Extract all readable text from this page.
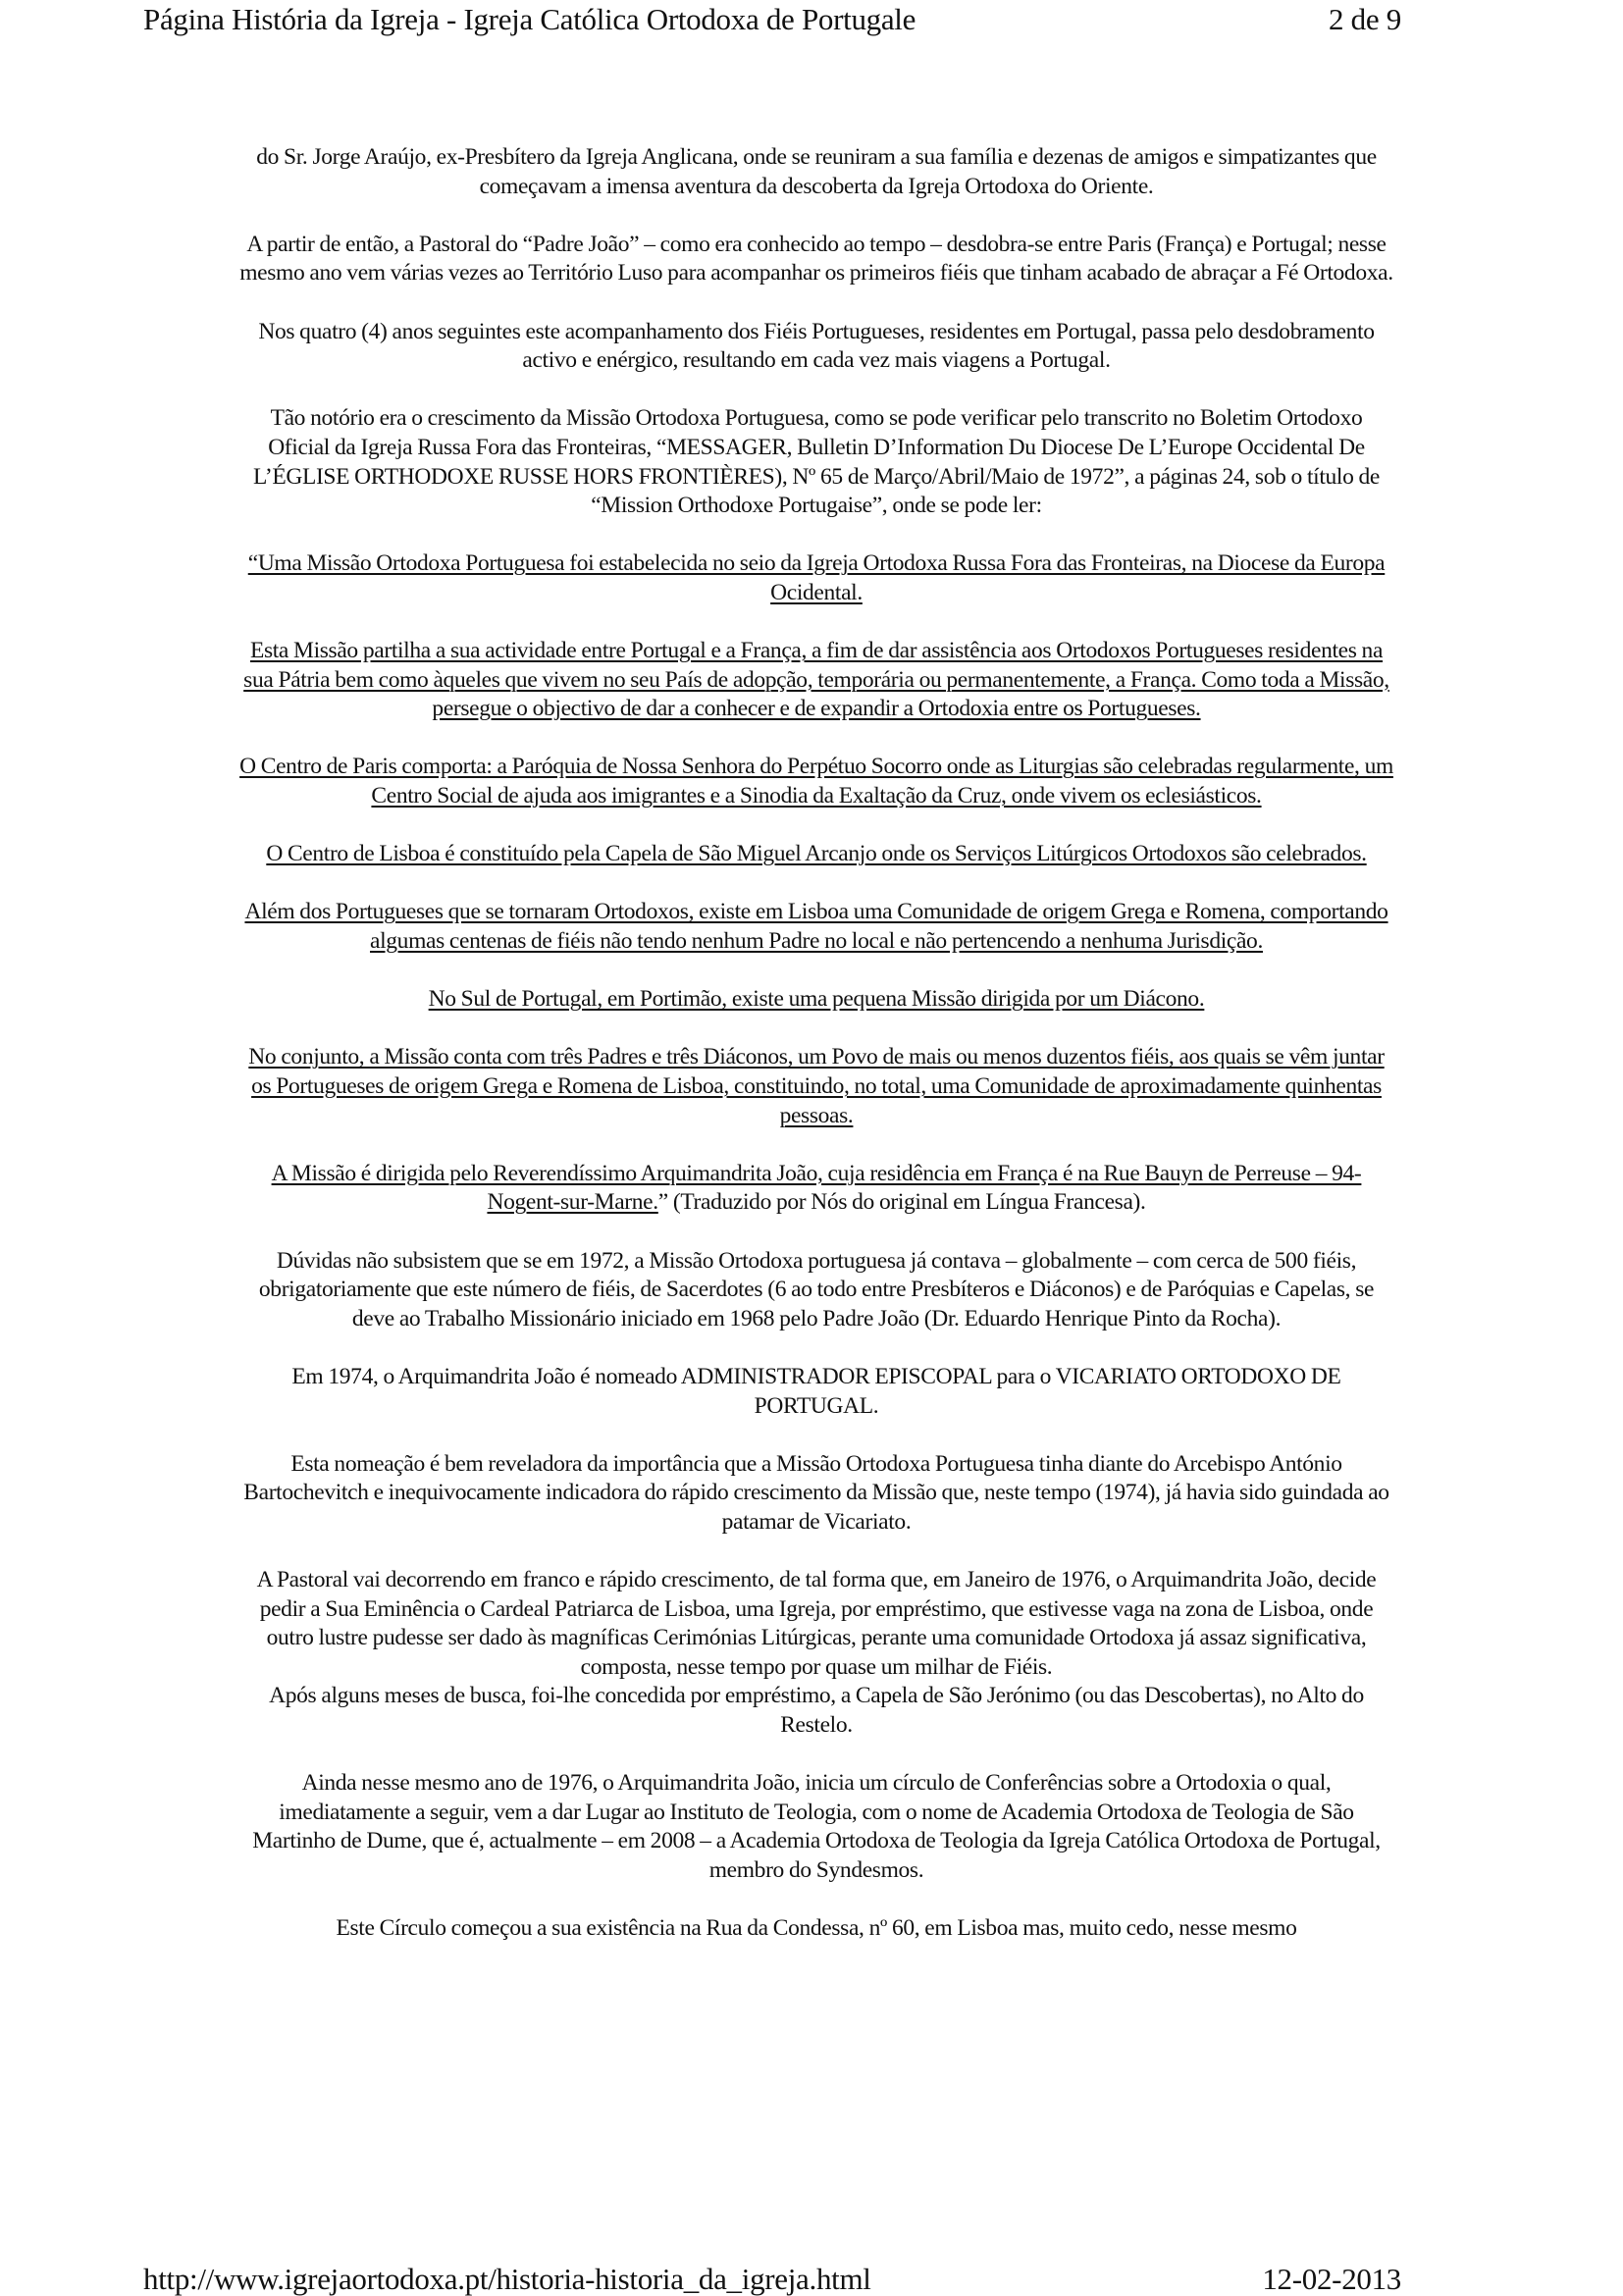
Página História da Igreja - Igreja Católica Ortodoxa de Portugale	2 de 9

do Sr. Jorge Araújo, ex-Presbítero da Igreja Anglicana, onde se reuniram a sua família e dezenas de amigos e simpatizantes que começavam a imensa aventura da descoberta da Igreja Ortodoxa do Oriente.

A partir de então, a Pastoral do “Padre João” – como era conhecido ao tempo – desdobra-se entre Paris (França) e Portugal; nesse mesmo ano vem várias vezes ao Território Luso para acompanhar os primeiros fiéis que tinham acabado de abraçar a Fé Ortodoxa.

Nos quatro (4) anos seguintes este acompanhamento dos Fiéis Portugueses, residentes em Portugal, passa pelo desdobramento activo e enérgico, resultando em cada vez mais viagens a Portugal.

Tão notório era o crescimento da Missão Ortodoxa Portuguesa, como se pode verificar pelo transcrito no Boletim Ortodoxo Oficial da Igreja Russa Fora das Fronteiras, “MESSAGER, Bulletin D’Information Du Diocese De L’Europe Occidental De L’ÉGLISE ORTHODOXE RUSSE HORS FRONTIÈRES), Nº 65 de Março/Abril/Maio de 1972”, a páginas 24, sob o título de “Mission Orthodoxe Portugaise”, onde se pode ler:

“Uma Missão Ortodoxa Portuguesa foi estabelecida no seio da Igreja Ortodoxa Russa Fora das Fronteiras, na Diocese da Europa Ocidental.

Esta Missão partilha a sua actividade entre Portugal e a França, a fim de dar assistência aos Ortodoxos Portugueses residentes na sua Pátria bem como àqueles que vivem no seu País de adopção, temporária ou permanentemente, a França. Como toda a Missão, persegue o objectivo de dar a conhecer e de expandir a Ortodoxia entre os Portugueses.

O Centro de Paris comporta: a Paróquia de Nossa Senhora do Perpétuo Socorro onde as Liturgias são celebradas regularmente, um Centro Social de ajuda aos imigrantes e a Sinodia da Exaltação da Cruz, onde vivem os eclesiásticos.

O Centro de Lisboa é constituído pela Capela de São Miguel Arcanjo onde os Serviços Litúrgicos Ortodoxos são celebrados.

Além dos Portugueses que se tornaram Ortodoxos, existe em Lisboa uma Comunidade de origem Grega e Romena, comportando algumas centenas de fiéis não tendo nenhum Padre no local e não pertencendo a nenhuma Jurisdição.

No Sul de Portugal, em Portimão, existe uma pequena Missão dirigida por um Diácono.

No conjunto, a Missão conta com três Padres e três Diáconos, um Povo de mais ou menos duzentos fiéis, aos quais se vêm juntar os Portugueses de origem Grega e Romena de Lisboa, constituindo, no total, uma Comunidade de aproximadamente quinhentas pessoas.

A Missão é dirigida pelo Reverendíssimo Arquimandrita João, cuja residência em França é na Rue Bauyn de Perreuse – 94-Nogent-sur-Marne.” (Traduzido por Nós do original em Língua Francesa).

Dúvidas não subsistem que se em 1972, a Missão Ortodoxa portuguesa já contava – globalmente – com cerca de 500 fiéis, obrigatoriamente que este número de fiéis, de Sacerdotes (6 ao todo entre Presbíteros e Diáconos) e de Paróquias e Capelas, se deve ao Trabalho Missionário iniciado em 1968 pelo Padre João (Dr. Eduardo Henrique Pinto da Rocha).

Em 1974, o Arquimandrita João é nomeado ADMINISTRADOR EPISCOPAL para o VICARIATO ORTODOXO DE PORTUGAL.

Esta nomeação é bem reveladora da importância que a Missão Ortodoxa Portuguesa tinha diante do Arcebispo António Bartochevitch e inequivocamente indicadora do rápido crescimento da Missão que, neste tempo (1974), já havia sido guindada ao patamar de Vicariato.

A Pastoral vai decorrendo em franco e rápido crescimento, de tal forma que, em Janeiro de 1976, o Arquimandrita João, decide pedir a Sua Eminência o Cardeal Patriarca de Lisboa, uma Igreja, por empréstimo, que estivesse vaga na zona de Lisboa, onde outro lustre pudesse ser dado às magníficas Cerimónias Litúrgicas, perante uma comunidade Ortodoxa já assaz significativa, composta, nesse tempo por quase um milhar de Fiéis.

Após alguns meses de busca, foi-lhe concedida por empréstimo, a Capela de São Jerónimo (ou das Descobertas), no Alto do Restelo.

Ainda nesse mesmo ano de 1976, o Arquimandrita João, inicia um círculo de Conferências sobre a Ortodoxia o qual, imediatamente a seguir, vem a dar Lugar ao Instituto de Teologia, com o nome de Academia Ortodoxa de Teologia de São Martinho de Dume, que é, actualmente – em 2008 – a Academia Ortodoxa de Teologia da Igreja Católica Ortodoxa de Portugal, membro do Syndesmos.

Este Círculo começou a sua existência na Rua da Condessa, nº 60, em Lisboa mas, muito cedo, nesse mesmo

http://www.igrejaortodoxa.pt/historia-historia_da_igreja.html	12-02-2013
